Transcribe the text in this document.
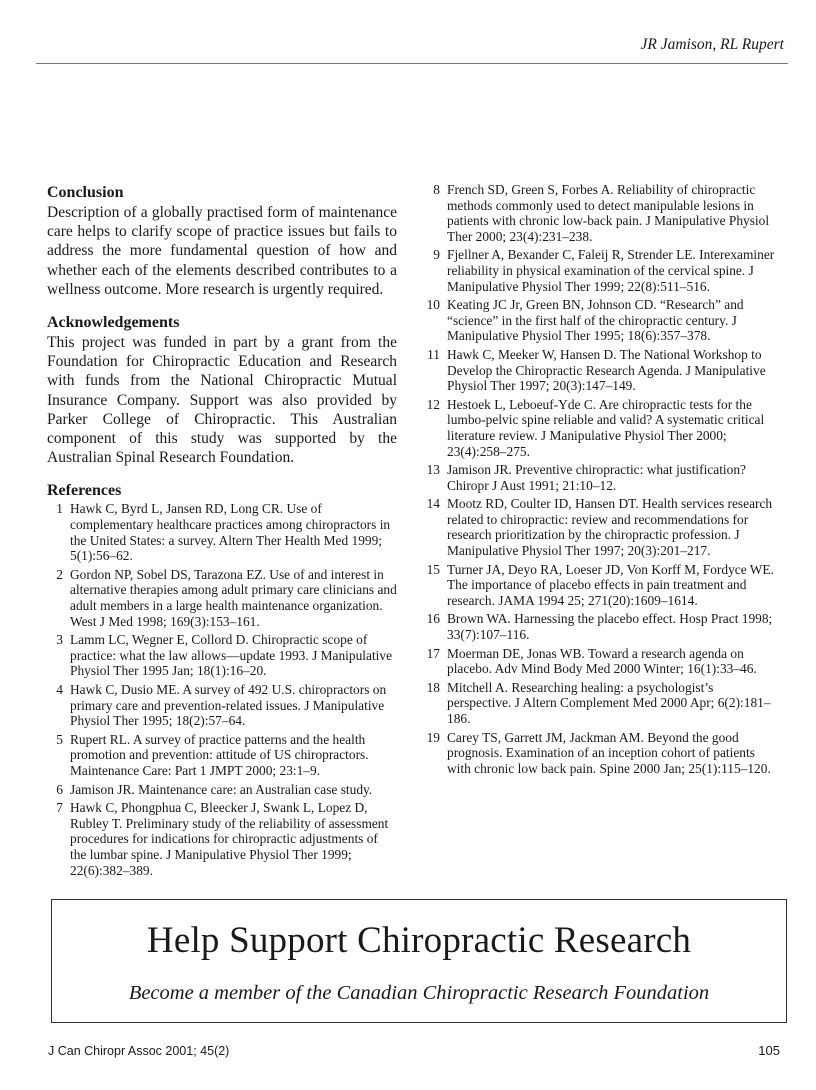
JR Jamison, RL Rupert
Conclusion

Description of a globally practised form of maintenance care helps to clarify scope of practice issues but fails to address the more fundamental question of how and whether each of the elements described contributes to a wellness outcome. More research is urgently required.

Acknowledgements

This project was funded in part by a grant from the Foundation for Chiropractic Education and Research with funds from the National Chiropractic Mutual Insurance Company. Support was also provided by Parker College of Chiropractic. This Australian component of this study was supported by the Australian Spinal Research Foundation.

References
1 Hawk C, Byrd L, Jansen RD, Long CR. Use of complementary healthcare practices among chiropractors in the United States: a survey. Altern Ther Health Med 1999; 5(1):56–62.
2 Gordon NP, Sobel DS, Tarazona EZ. Use of and interest in alternative therapies among adult primary care clinicians and adult members in a large health maintenance organization. West J Med 1998; 169(3):153–161.
3 Lamm LC, Wegner E, Collord D. Chiropractic scope of practice: what the law allows—update 1993. J Manipulative Physiol Ther 1995 Jan; 18(1):16–20.
4 Hawk C, Dusio ME. A survey of 492 U.S. chiropractors on primary care and prevention-related issues. J Manipulative Physiol Ther 1995; 18(2):57–64.
5 Rupert RL. A survey of practice patterns and the health promotion and prevention: attitude of US chiropractors. Maintenance Care: Part 1 JMPT 2000; 23:1–9.
6 Jamison JR. Maintenance care: an Australian case study.
7 Hawk C, Phongphua C, Bleecker J, Swank L, Lopez D, Rubley T. Preliminary study of the reliability of assessment procedures for indications for chiropractic adjustments of the lumbar spine. J Manipulative Physiol Ther 1999; 22(6):382–389.
8 French SD, Green S, Forbes A. Reliability of chiropractic methods commonly used to detect manipulable lesions in patients with chronic low-back pain. J Manipulative Physiol Ther 2000; 23(4):231–238.
9 Fjellner A, Bexander C, Faleij R, Strender LE. Interexaminer reliability in physical examination of the cervical spine. J Manipulative Physiol Ther 1999; 22(8):511–516.
10 Keating JC Jr, Green BN, Johnson CD. “Research” and “science” in the first half of the chiropractic century. J Manipulative Physiol Ther 1995; 18(6):357–378.
11 Hawk C, Meeker W, Hansen D. The National Workshop to Develop the Chiropractic Research Agenda. J Manipulative Physiol Ther 1997; 20(3):147–149.
12 Hestoek L, Leboeuf-Yde C. Are chiropractic tests for the lumbo-pelvic spine reliable and valid? A systematic critical literature review. J Manipulative Physiol Ther 2000; 23(4):258–275.
13 Jamison JR. Preventive chiropractic: what justification? Chiropr J Aust 1991; 21:10–12.
14 Mootz RD, Coulter ID, Hansen DT. Health services research related to chiropractic: review and recommendations for research prioritization by the chiropractic profession. J Manipulative Physiol Ther 1997; 20(3):201–217.
15 Turner JA, Deyo RA, Loeser JD, Von Korff M, Fordyce WE. The importance of placebo effects in pain treatment and research. JAMA 1994 25; 271(20):1609–1614.
16 Brown WA. Harnessing the placebo effect. Hosp Pract 1998; 33(7):107–116.
17 Moerman DE, Jonas WB. Toward a research agenda on placebo. Adv Mind Body Med 2000 Winter; 16(1):33–46.
18 Mitchell A. Researching healing: a psychologist’s perspective. J Altern Complement Med 2000 Apr; 6(2):181–186.
19 Carey TS, Garrett JM, Jackman AM. Beyond the good prognosis. Examination of an inception cohort of patients with chronic low back pain. Spine 2000 Jan; 25(1):115–120.
Help Support Chiropractic Research
Become a member of the Canadian Chiropractic Research Foundation
J Can Chiropr Assoc 2001; 45(2)	105
